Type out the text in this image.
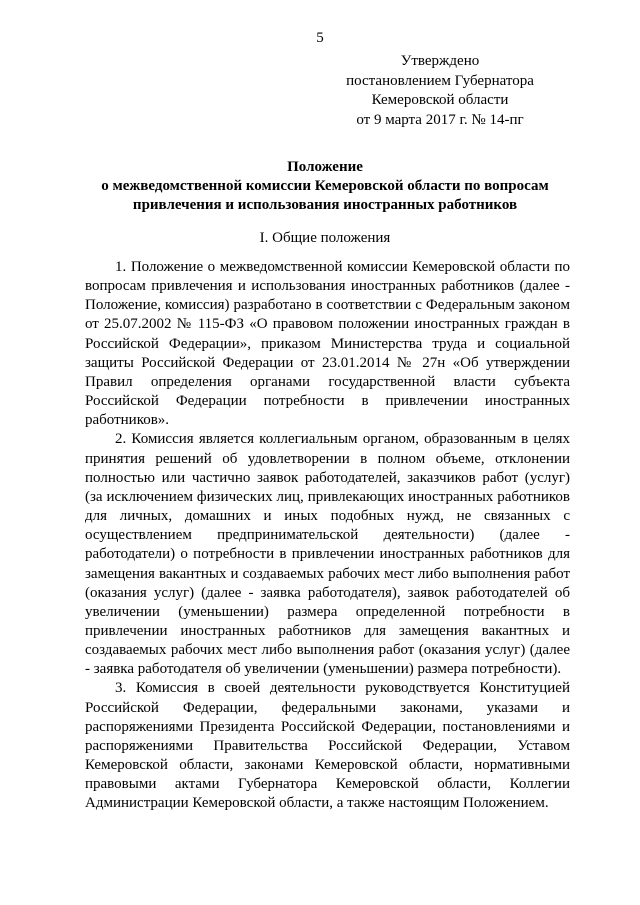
5
Утверждено
постановлением Губернатора
Кемеровской области
от 9 марта 2017 г. № 14-пг
Положение
о межведомственной комиссии Кемеровской области по вопросам
привлечения и использования иностранных работников
I. Общие положения

1. Положение о межведомственной комиссии Кемеровской области по вопросам привлечения и использования иностранных работников (далее - Положение, комиссия) разработано в соответствии с Федеральным законом от 25.07.2002 № 115-ФЗ «О правовом положении иностранных граждан в Российской Федерации», приказом Министерства труда и социальной защиты Российской Федерации от 23.01.2014 № 27н «Об утверждении Правил определения органами государственной власти субъекта Российской Федерации потребности в привлечении иностранных работников».

2. Комиссия является коллегиальным органом, образованным в целях принятия решений об удовлетворении в полном объеме, отклонении полностью или частично заявок работодателей, заказчиков работ (услуг) (за исключением физических лиц, привлекающих иностранных работников для личных, домашних и иных подобных нужд, не связанных с осуществлением предпринимательской деятельности) (далее - работодатели) о потребности в привлечении иностранных работников для замещения вакантных и создаваемых рабочих мест либо выполнения работ (оказания услуг) (далее - заявка работодателя), заявок работодателей об увеличении (уменьшении) размера определенной потребности в привлечении иностранных работников для замещения вакантных и создаваемых рабочих мест либо выполнения работ (оказания услуг) (далее - заявка работодателя об увеличении (уменьшении) размера потребности).

3. Комиссия в своей деятельности руководствуется Конституцией Российской Федерации, федеральными законами, указами и распоряжениями Президента Российской Федерации, постановлениями и распоряжениями Правительства Российской Федерации, Уставом Кемеровской области, законами Кемеровской области, нормативными правовыми актами Губернатора Кемеровской области, Коллегии Администрации Кемеровской области, а также настоящим Положением.
